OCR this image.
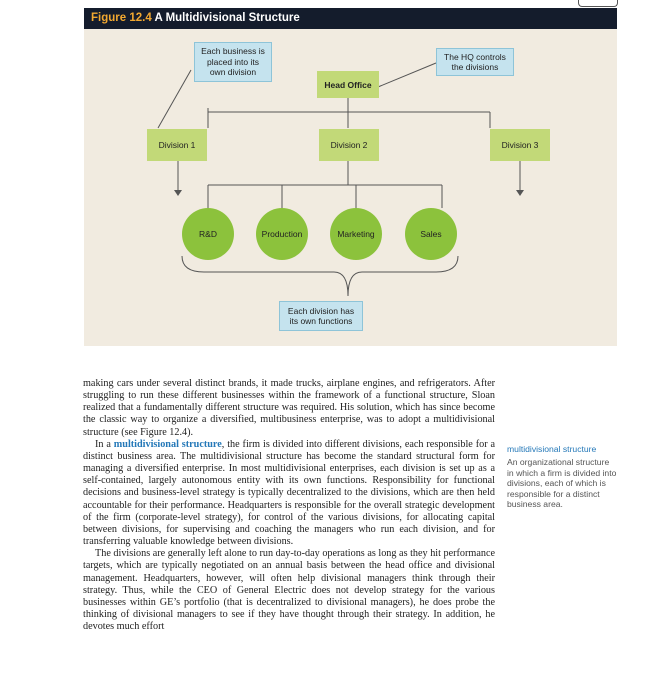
Figure 12.4 A Multidivisional Structure
Each business is
placed into its
own division
The HQ controls
the divisions
Head Office
Division 1	Division 2	Division 3
R&D	Production	Marketing	Sales
Each division has
its own functions

making cars under several distinct brands, it made trucks, airplane engines, and refrigerators. After struggling to run these different businesses within the framework of a functional structure, Sloan realized that a fundamentally different structure was required. His solution, which has since become the classic way to organize a diversified, multibusiness enterprise, was to adopt a multidivisional structure (see Figure 12.4).

In a multidivisional structure, the firm is divided into different divisions, each responsible for a distinct business area. The multidivisional structure has become the standard structural form for managing a diversified enterprise. In most multidivisional enterprises, each division is set up as a self-contained, largely autonomous entity with its own functions. Responsibility for functional decisions and business-level strategy is typically decentralized to the divisions, which are then held accountable for their performance. Headquarters is responsible for the overall strategic development of the firm (corporate-level strategy), for control of the various divisions, for allocating capital between divisions, for supervising and coaching the managers who run each division, and for transferring valuable knowledge between divisions.

The divisions are generally left alone to run day-to-day operations as long as they hit performance targets, which are typically negotiated on an annual basis between the head office and divisional management. Headquarters, however, will often help divisional managers think through their strategy. Thus, while the CEO of General Electric does not develop strategy for the various businesses within GE’s portfolio (that is decentralized to divisional managers), he does probe the thinking of divisional managers to see if they have thought through their strategy. In addition, he devotes much effort

multidivisional structure
An organizational structure in which a firm is divided into divisions, each of which is responsible for a distinct business area.
